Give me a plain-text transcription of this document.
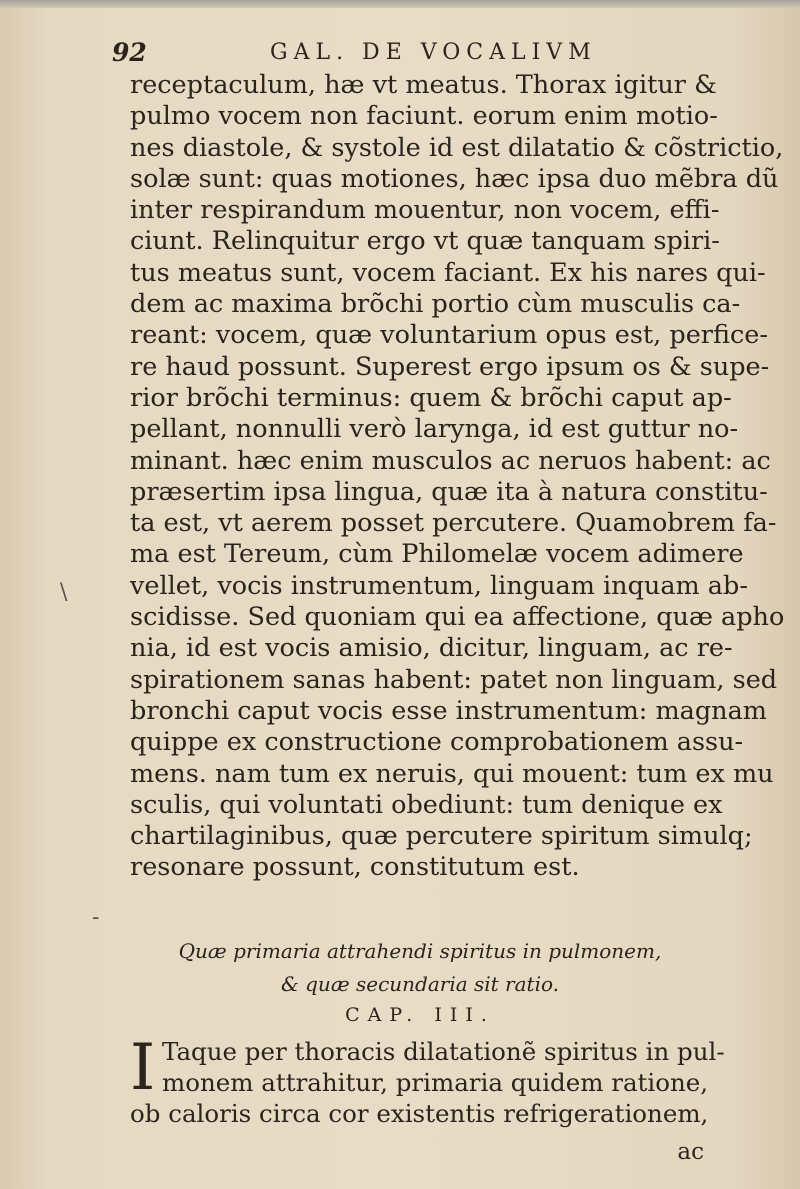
92	GAL. DE VOCALIVM
receptaculum, hæ vt meatus. Thorax igitur &
pulmo vocem non faciunt. eorum enim motio-
nes diastole, & systole id est dilatatio & cõstrictio,
solæ sunt: quas motiones, hæc ipsa duo mẽbra dũ
inter respirandum mouentur, non vocem, effi-
ciunt. Relinquitur ergo vt quæ tanquam spiri-
tus meatus sunt, vocem faciant. Ex his nares qui-
dem ac maxima brõchi portio cùm musculis ca-
reant: vocem, quæ voluntarium opus est, perfice-
re haud possunt. Superest ergo ipsum os & supe-
rior brõchi terminus: quem & brõchi caput ap-
pellant, nonnulli verò larynga, id est guttur no-
minant. hæc enim musculos ac neruos habent: ac
præsertim ipsa lingua, quæ ita à natura constitu-
ta est, vt aerem posset percutere. Quamobrem fa-
ma est Tereum, cùm Philomelæ vocem adimere
vellet, vocis instrumentum, linguam inquam ab-
scidisse. Sed quoniam qui ea affectione, quæ apho
nia, id est vocis amisio, dicitur, linguam, ac re-
spirationem sanas habent: patet non linguam, sed
bronchi caput vocis esse instrumentum: magnam
quippe ex constructione comprobationem assu-
mens. nam tum ex neruis, qui mouent: tum ex mu
sculis, qui voluntati obediunt: tum denique ex
chartilaginibus, quæ percutere spiritum simulq;
resonare possunt, constitutum est.
Quæ primaria attrahendi spiritus in pulmonem,
& quæ secundaria sit ratio.
CAP. III.
I Taque per thoracis dilatationẽ spiritus in pul-
monem attrahitur, primaria quidem ratione,
ob caloris circa cor existentis refrigerationem,
ac
\
-
